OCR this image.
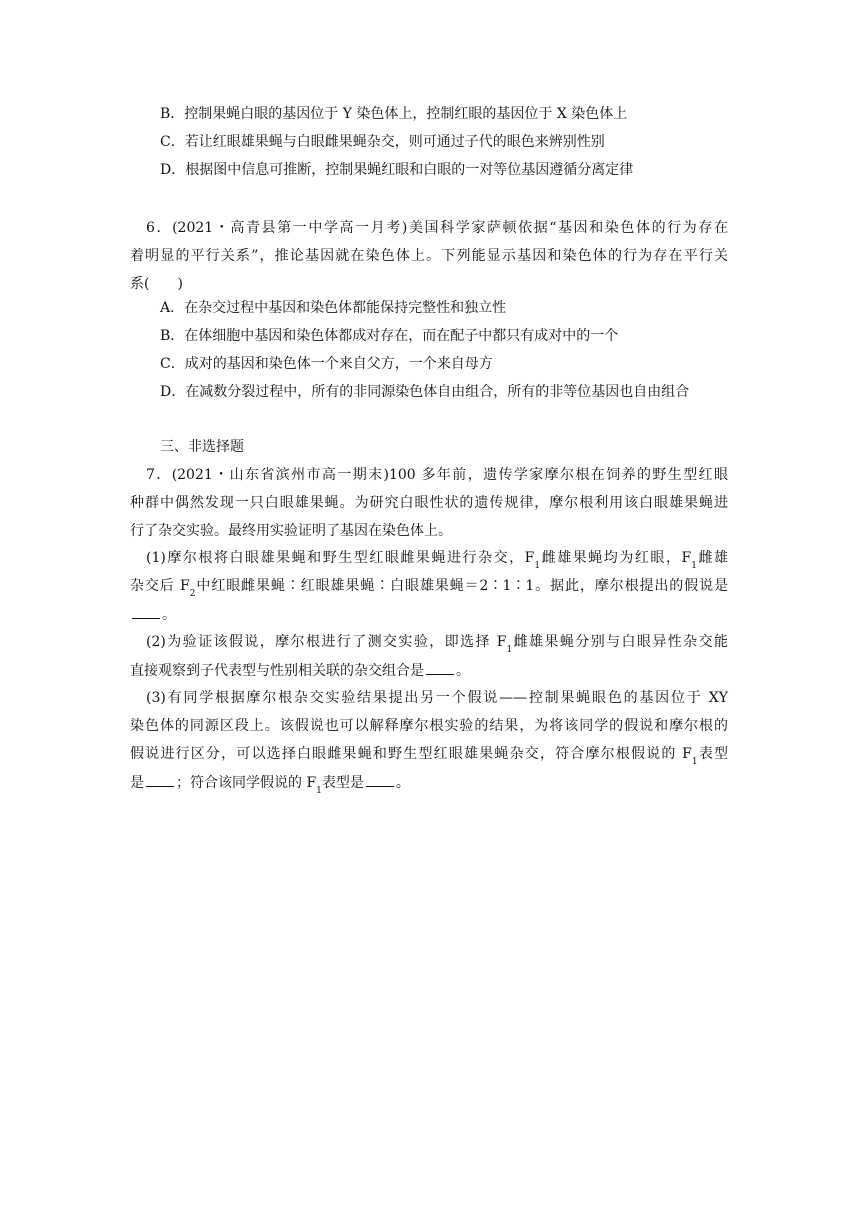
B．控制果蝇白眼的基因位于 Y 染色体上，控制红眼的基因位于 X 染色体上
C．若让红眼雄果蝇与白眼雌果蝇杂交，则可通过子代的眼色来辨别性别
D．根据图中信息可推断，控制果蝇红眼和白眼的一对等位基因遵循分离定律
6．(2021・高青县第一中学高一月考)美国科学家萨顿依据“基因和染色体的行为存在
着明显的平行关系”，推论基因就在染色体上。下列能显示基因和染色体的行为存在平行关
系(　　)
A．在杂交过程中基因和染色体都能保持完整性和独立性
B．在体细胞中基因和染色体都成对存在，而在配子中都只有成对中的一个
C．成对的基因和染色体一个来自父方，一个来自母方
D．在减数分裂过程中，所有的非同源染色体自由组合，所有的非等位基因也自由组合
三、非选择题
7．(2021・山东省滨州市高一期末)100 多年前，遗传学家摩尔根在饲养的野生型红眼
种群中偶然发现一只白眼雄果蝇。为研究白眼性状的遗传规律，摩尔根利用该白眼雄果蝇进
行了杂交实验。最终用实验证明了基因在染色体上。
(1)摩尔根将白眼雄果蝇和野生型红眼雌果蝇进行杂交，$F_1$雌雄果蝇均为红眼，$F_1$雌雄
杂交后 $F_2$中红眼雌果蝇∶红眼雄果蝇∶白眼雄果蝇＝2∶1∶1。据此，摩尔根提出的假说是
。
(2)为验证该假说，摩尔根进行了测交实验，即选择 $F_1$雌雄果蝇分别与白眼异性杂交能
直接观察到子代表型与性别相关联的杂交组合是 。
(3)有同学根据摩尔根杂交实验结果提出另一个假说——控制果蝇眼色的基因位于 XY
染色体的同源区段上。该假说也可以解释摩尔根实验的结果，为将该同学的假说和摩尔根的
假说进行区分，可以选择白眼雌果蝇和野生型红眼雄果蝇杂交，符合摩尔根假说的 $F_1$表型
是 ；符合该同学假说的 $F_1$表型是 。
